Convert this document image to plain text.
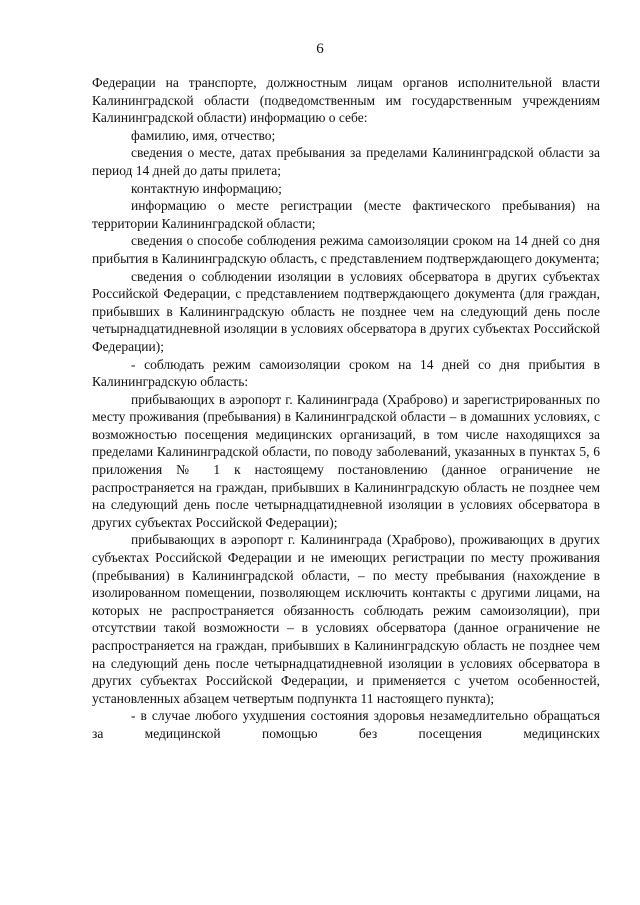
6

Федерации на транспорте, должностным лицам органов исполнительной власти Калининградской области (подведомственным им государственным учреждениям Калининградской области) информацию о себе:

фамилию, имя, отчество;

сведения о месте, датах пребывания за пределами Калининградской области за период 14 дней до даты прилета;

контактную информацию;

информацию о месте регистрации (месте фактического пребывания) на территории Калининградской области;

сведения о способе соблюдения режима самоизоляции сроком на 14 дней со дня прибытия в Калининградскую область, с представлением подтверждающего документа;

сведения о соблюдении изоляции в условиях обсерватора в других субъектах Российской Федерации, с представлением подтверждающего документа (для граждан, прибывших в Калининградскую область не позднее чем на следующий день после четырнадцатидневной изоляции в условиях обсерватора в других субъектах Российской Федерации);

- соблюдать режим самоизоляции сроком на 14 дней со дня прибытия в Калининградскую область:

прибывающих в аэропорт г. Калининграда (Храброво) и зарегистрированных по месту проживания (пребывания) в Калининградской области – в домашних условиях, с возможностью посещения медицинских организаций, в том числе находящихся за пределами Калининградской области, по поводу заболеваний, указанных в пунктах 5, 6 приложения № 1 к настоящему постановлению (данное ограничение не распространяется на граждан, прибывших в Калининградскую область не позднее чем на следующий день после четырнадцатидневной изоляции в условиях обсерватора в других субъектах Российской Федерации);

прибывающих в аэропорт г. Калининграда (Храброво), проживающих в других субъектах Российской Федерации и не имеющих регистрации по месту проживания (пребывания) в Калининградской области, – по месту пребывания (нахождение в изолированном помещении, позволяющем исключить контакты с другими лицами, на которых не распространяется обязанность соблюдать режим самоизоляции), при отсутствии такой возможности – в условиях обсерватора (данное ограничение не распространяется на граждан, прибывших в Калининградскую область не позднее чем на следующий день после четырнадцатидневной изоляции в условиях обсерватора в других субъектах Российской Федерации, и применяется с учетом особенностей, установленных абзацем четвертым подпункта 11 настоящего пункта);

- в случае любого ухудшения состояния здоровья незамедлительно обращаться за медицинской помощью без посещения медицинских
